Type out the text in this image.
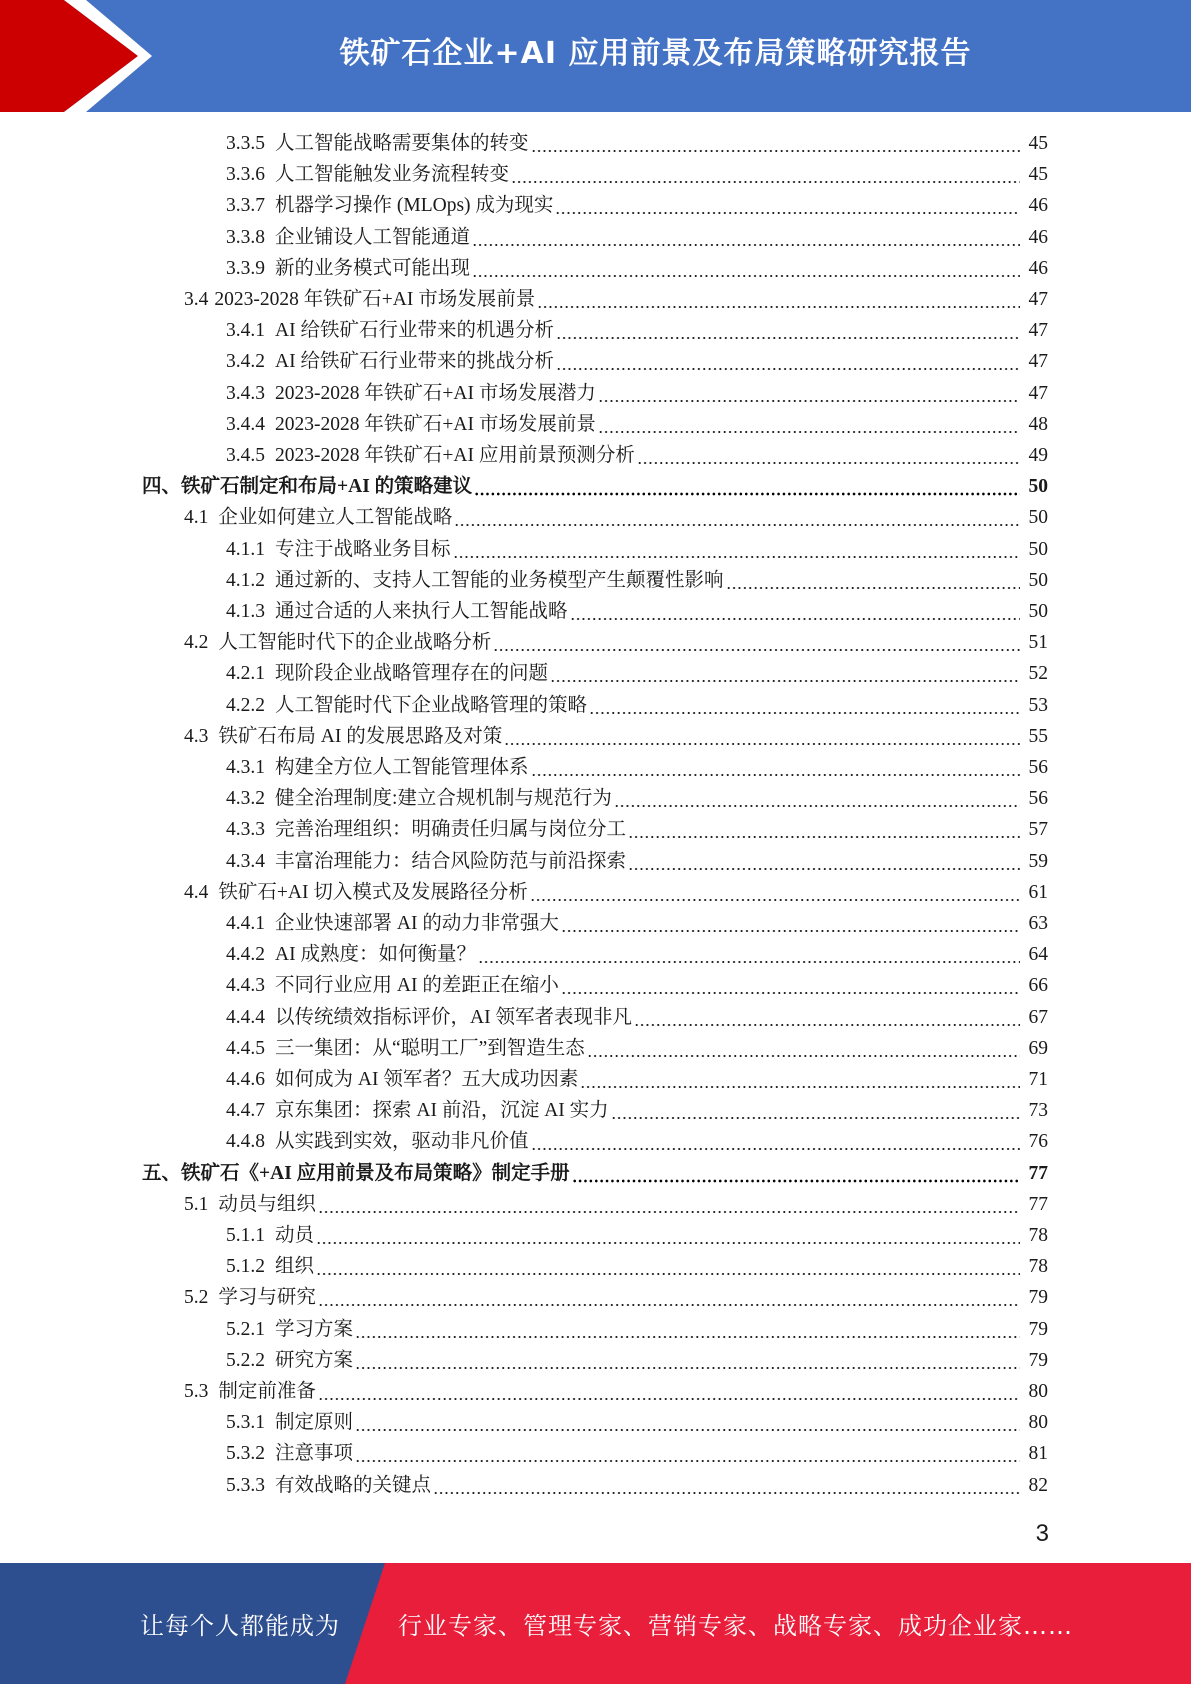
铁矿石企业+AI 应用前景及布局策略研究报告
3.3.5 人工智能战略需要集体的转变	45
3.3.6 人工智能触发业务流程转变	45
3.3.7 机器学习操作 (MLOps) 成为现实	46
3.3.8 企业铺设人工智能通道	46
3.3.9 新的业务模式可能出现	46
3.4 2023-2028 年铁矿石+AI 市场发展前景	47
3.4.1 AI 给铁矿石行业带来的机遇分析	47
3.4.2 AI 给铁矿石行业带来的挑战分析	47
3.4.3 2023-2028 年铁矿石+AI 市场发展潜力	47
3.4.4 2023-2028 年铁矿石+AI 市场发展前景	48
3.4.5 2023-2028 年铁矿石+AI 应用前景预测分析	49
四、 铁矿石制定和布局+AI 的策略建议	50
4.1 企业如何建立人工智能战略	50
4.1.1 专注于战略业务目标	50
4.1.2 通过新的、支持人工智能的业务模型产生颠覆性影响	50
4.1.3 通过合适的人来执行人工智能战略	50
4.2 人工智能时代下的企业战略分析	51
4.2.1 现阶段企业战略管理存在的问题	52
4.2.2 人工智能时代下企业战略管理的策略	53
4.3 铁矿石布局 AI 的发展思路及对策	55
4.3.1 构建全方位人工智能管理体系	56
4.3.2 健全治理制度:建立合规机制与规范行为	56
4.3.3 完善治理组织：明确责任归属与岗位分工	57
4.3.4 丰富治理能力：结合风险防范与前沿探索	59
4.4 铁矿石+AI 切入模式及发展路径分析	61
4.4.1 企业快速部署 AI 的动力非常强大	63
4.4.2 AI 成熟度：如何衡量？	64
4.4.3 不同行业应用 AI 的差距正在缩小	66
4.4.4 以传统绩效指标评价，AI 领军者表现非凡	67
4.4.5 三一集团：从“聪明工厂”到智造生态	69
4.4.6 如何成为 AI 领军者？五大成功因素	71
4.4.7 京东集团：探索 AI 前沿，沉淀 AI 实力	73
4.4.8 从实践到实效，驱动非凡价值	76
五、 铁矿石《+AI 应用前景及布局策略》制定手册	77
5.1 动员与组织	77
5.1.1 动员	78
5.1.2 组织	78
5.2 学习与研究	79
5.2.1 学习方案	79
5.2.2 研究方案	79
5.3 制定前准备	80
5.3.1 制定原则	80
5.3.2 注意事项	81
5.3.3 有效战略的关键点	82
3
让每个人都能成为 行业专家、管理专家、营销专家、战略专家、成功企业家……
